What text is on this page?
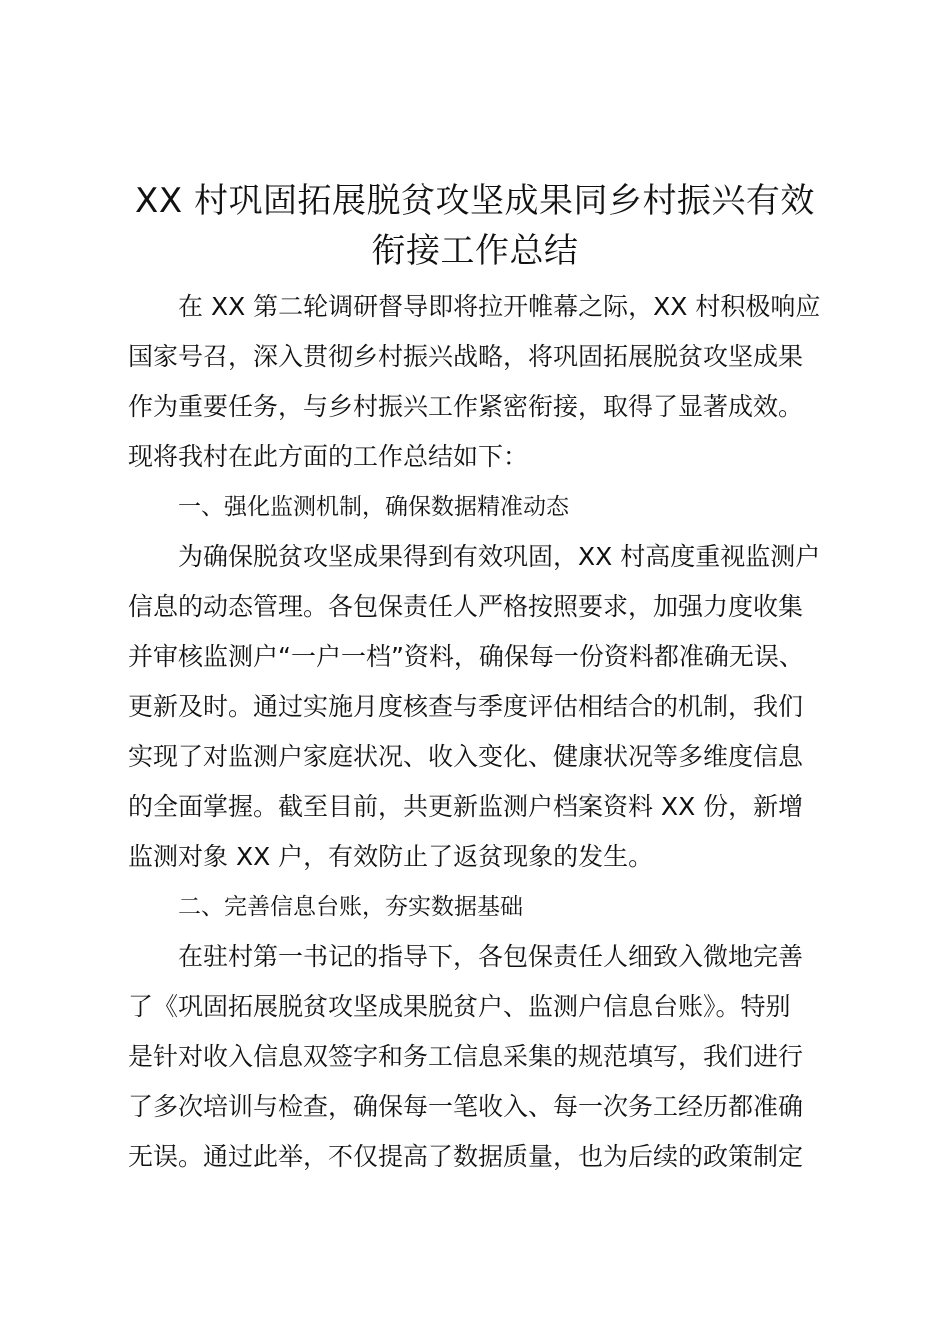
XX 村巩固拓展脱贫攻坚成果同乡村振兴有效
衔接工作总结
在 XX 第二轮调研督导即将拉开帷幕之际，XX 村积极响应
国家号召，深入贯彻乡村振兴战略，将巩固拓展脱贫攻坚成果
作为重要任务，与乡村振兴工作紧密衔接，取得了显著成效。
现将我村在此方面的工作总结如下：
一、强化监测机制，确保数据精准动态
为确保脱贫攻坚成果得到有效巩固，XX 村高度重视监测户
信息的动态管理。各包保责任人严格按照要求，加强力度收集
并审核监测户“一户一档”资料，确保每一份资料都准确无误、
更新及时。通过实施月度核查与季度评估相结合的机制，我们
实现了对监测户家庭状况、收入变化、健康状况等多维度信息
的全面掌握。截至目前，共更新监测户档案资料 XX 份，新增
监测对象 XX 户，有效防止了返贫现象的发生。
二、完善信息台账，夯实数据基础
在驻村第一书记的指导下，各包保责任人细致入微地完善
了《巩固拓展脱贫攻坚成果脱贫户、监测户信息台账》。特别
是针对收入信息双签字和务工信息采集的规范填写，我们进行
了多次培训与检查，确保每一笔收入、每一次务工经历都准确
无误。通过此举，不仅提高了数据质量，也为后续的政策制定
